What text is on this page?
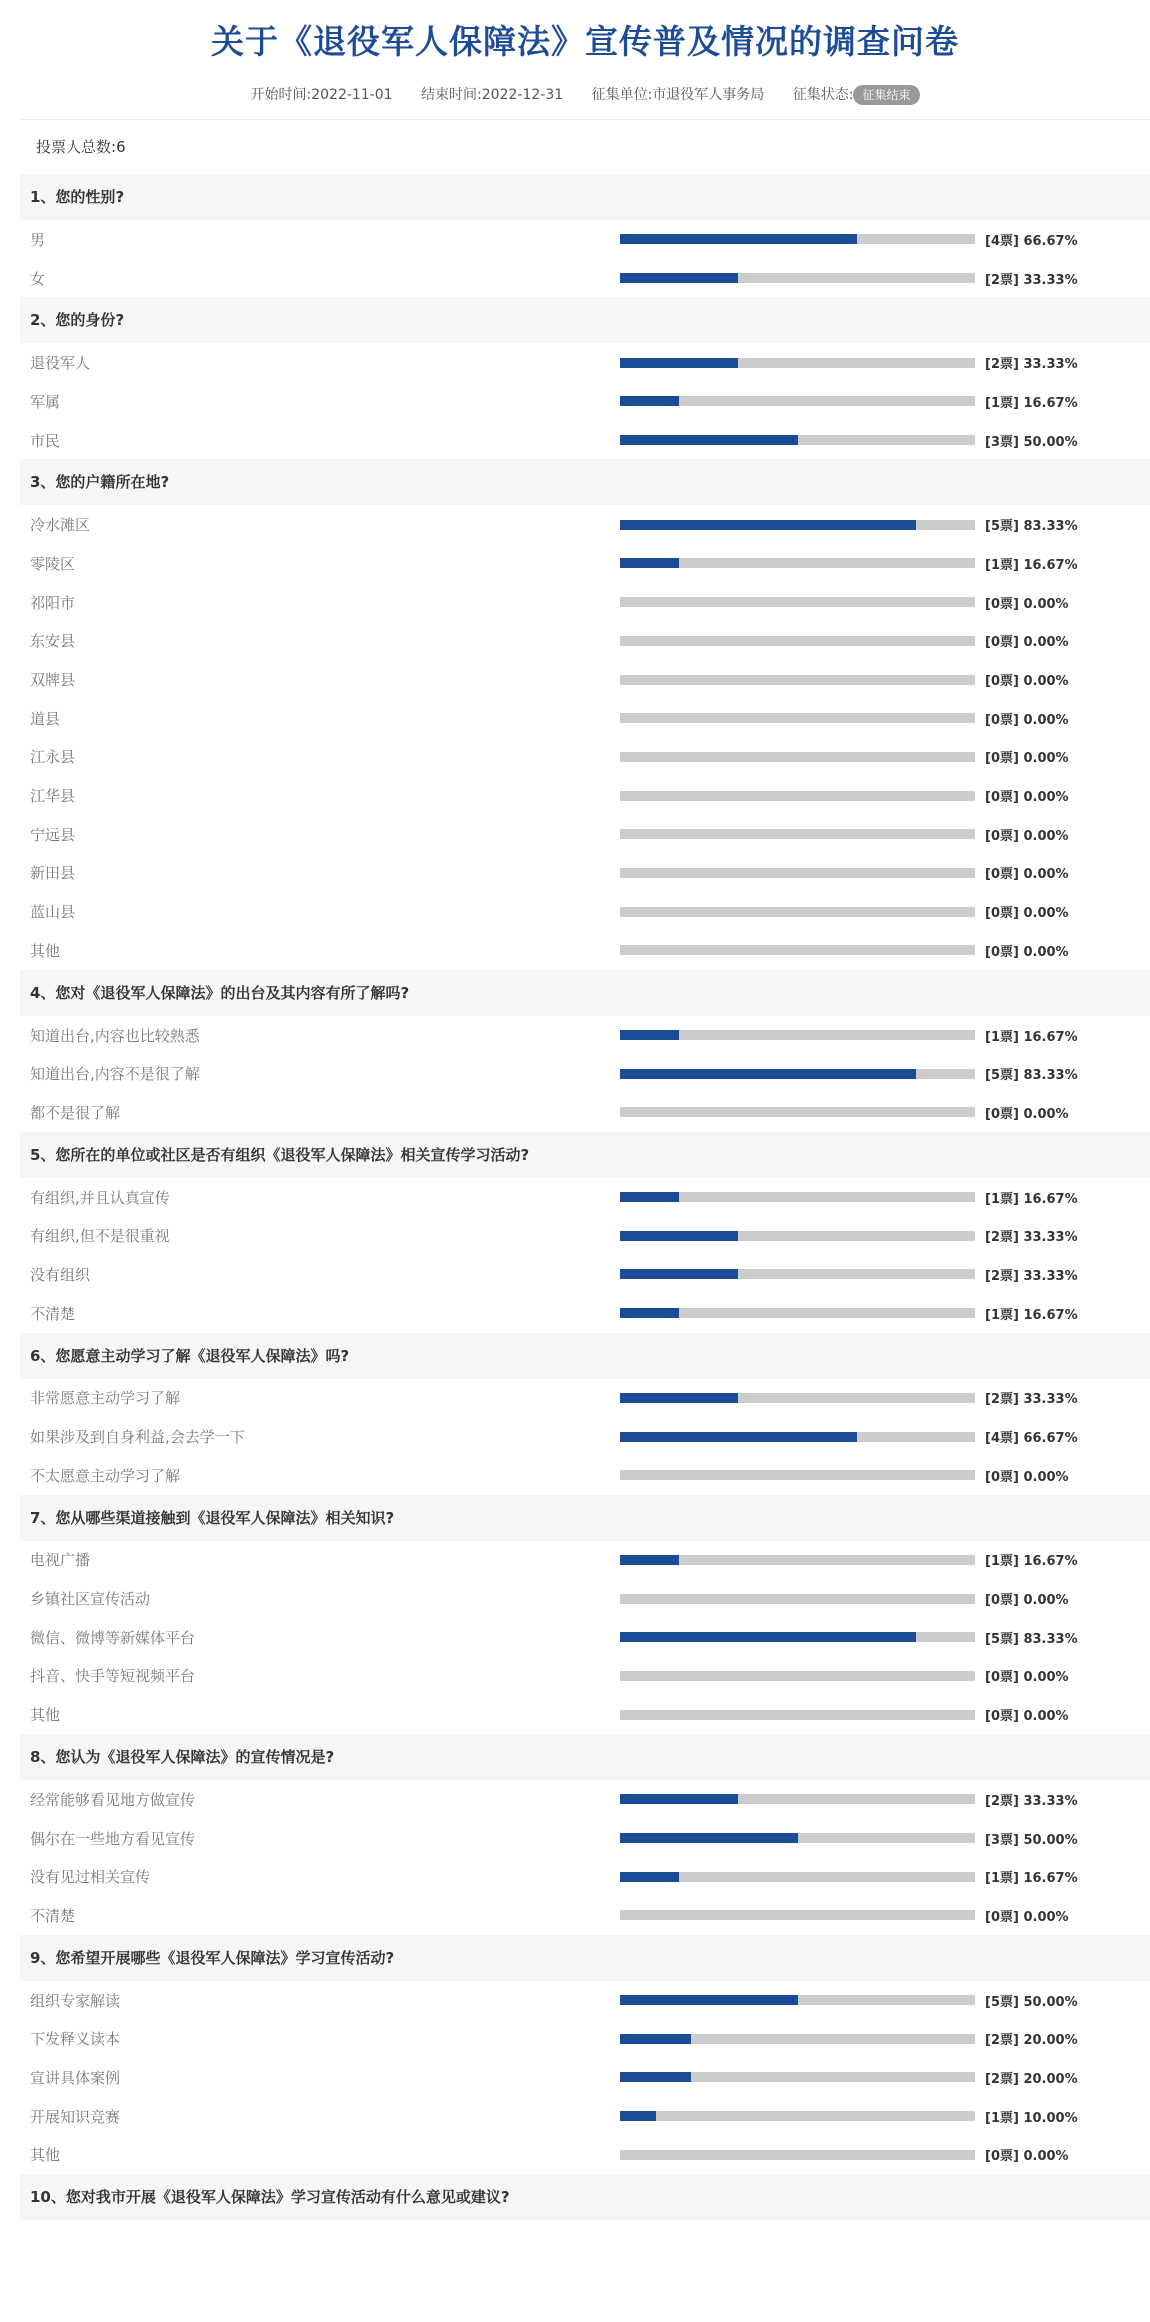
关于《退役军人保障法》宣传普及情况的调查问卷
开始时间:2022-11-01 结束时间:2022-12-31 征集单位:市退役军人事务局 征集状态: 征集结束
投票人总数:6
1、您的性别?
男	[4票] 66.67%
女	[2票] 33.33%
2、您的身份?
退役军人	[2票] 33.33%
军属	[1票] 16.67%
市民	[3票] 50.00%
3、您的户籍所在地?
冷水滩区	[5票] 83.33%
零陵区	[1票] 16.67%
祁阳市	[0票] 0.00%
东安县	[0票] 0.00%
双牌县	[0票] 0.00%
道县	[0票] 0.00%
江永县	[0票] 0.00%
江华县	[0票] 0.00%
宁远县	[0票] 0.00%
新田县	[0票] 0.00%
蓝山县	[0票] 0.00%
其他	[0票] 0.00%
4、您对《退役军人保障法》的出台及其内容有所了解吗?
知道出台,内容也比较熟悉	[1票] 16.67%
知道出台,内容不是很了解	[5票] 83.33%
都不是很了解	[0票] 0.00%
5、您所在的单位或社区是否有组织《退役军人保障法》相关宣传学习活动?
有组织,并且认真宣传	[1票] 16.67%
有组织,但不是很重视	[2票] 33.33%
没有组织	[2票] 33.33%
不清楚	[1票] 16.67%
6、您愿意主动学习了解《退役军人保障法》吗?
非常愿意主动学习了解	[2票] 33.33%
如果涉及到自身利益,会去学一下	[4票] 66.67%
不太愿意主动学习了解	[0票] 0.00%
7、您从哪些渠道接触到《退役军人保障法》相关知识?
电视广播	[1票] 16.67%
乡镇社区宣传活动	[0票] 0.00%
微信、微博等新媒体平台	[5票] 83.33%
抖音、快手等短视频平台	[0票] 0.00%
其他	[0票] 0.00%
8、您认为《退役军人保障法》的宣传情况是?
经常能够看见地方做宣传	[2票] 33.33%
偶尔在一些地方看见宣传	[3票] 50.00%
没有见过相关宣传	[1票] 16.67%
不清楚	[0票] 0.00%
9、您希望开展哪些《退役军人保障法》学习宣传活动?
组织专家解读	[5票] 50.00%
下发释义读本	[2票] 20.00%
宣讲具体案例	[2票] 20.00%
开展知识竞赛	[1票] 10.00%
其他	[0票] 0.00%
10、您对我市开展《退役军人保障法》学习宣传活动有什么意见或建议?
